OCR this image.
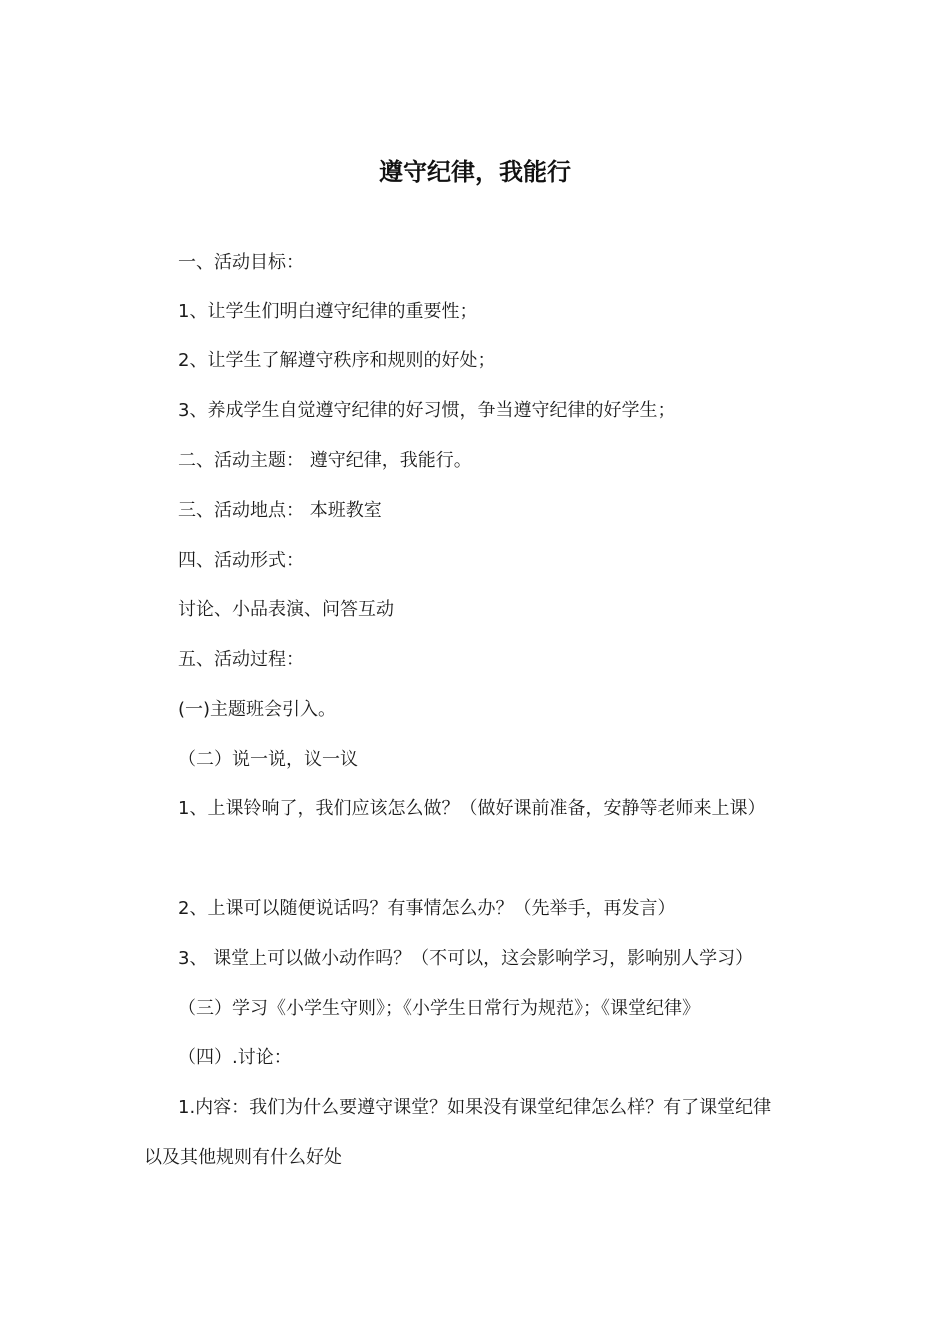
遵守纪律，我能行
一、活动目标：
1、让学生们明白遵守纪律的重要性；
2、让学生了解遵守秩序和规则的好处；
3、养成学生自觉遵守纪律的好习惯，争当遵守纪律的好学生；
二、活动主题： 遵守纪律，我能行。
三、活动地点： 本班教室
四、活动形式：
讨论、小品表演、问答互动
五、活动过程：
(一)主题班会引入。
（二）说一说，议一议
1、上课铃响了，我们应该怎么做？（做好课前准备，安静等老师来上课）
2、上课可以随便说话吗？有事情怎么办？（先举手，再发言）
3、 课堂上可以做小动作吗？（不可以，这会影响学习，影响别人学习）
（三）学习《小学生守则》；《小学生日常行为规范》；《课堂纪律》
（四）.讨论：
1.内容：我们为什么要遵守课堂？如果没有课堂纪律怎么样？有了课堂纪律
以及其他规则有什么好处
